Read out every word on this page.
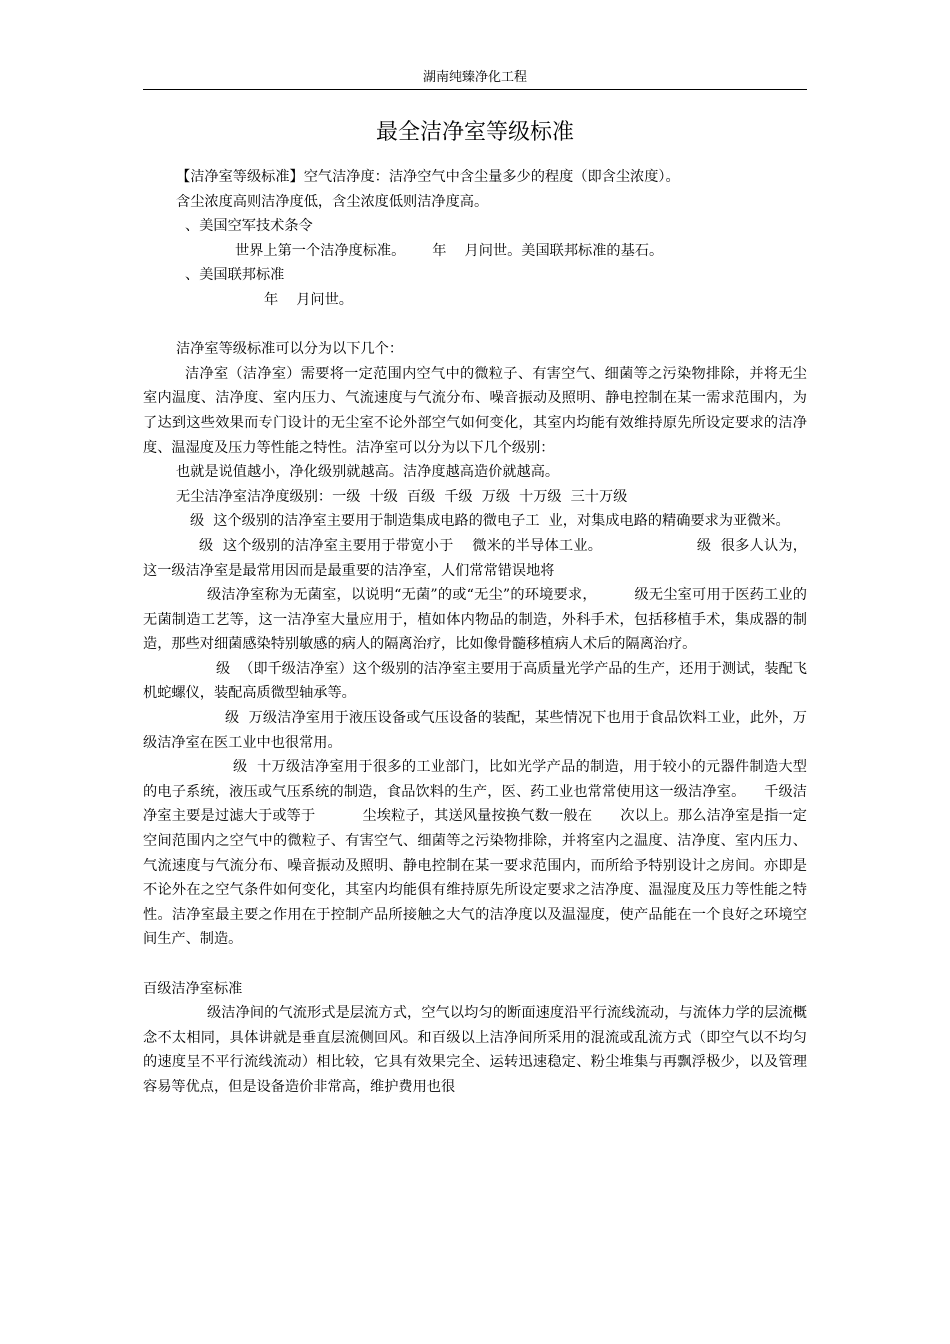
湖南纯臻净化工程
最全洁净室等级标准

【洁净室等级标准】空气洁净度：洁净空气中含尘量多少的程度（即含尘浓度）。

含尘浓度高则洁净度低，含尘浓度低则洁净度高。

、美国空军技术条令

世界上第一个洁净度标准。      年    月问世。美国联邦标准的基石。

、美国联邦标准

年    月问世。

洁净室等级标准可以分为以下几个：

洁净室（洁净室）需要将一定范围内空气中的微粒子、有害空气、细菌等之污染物排除，并将无尘室内温度、洁净度、室内压力、气流速度与气流分布、噪音振动及照明、静电控制在某一需求范围内，为了达到这些效果而专门设计的无尘室不论外部空气如何变化，其室内均能有效维持原先所设定要求的洁净度、温湿度及压力等性能之特性。洁净室可以分为以下几个级别：

也就是说值越小，净化级别就越高。洁净度越高造价就越高。

无尘洁净室洁净度级别：一级  十级  百级  千级  万级  十万级  三十万级

级  这个级别的洁净室主要用于制造集成电路的微电子工  业，对集成电路的精确要求为亚微米。

级  这个级别的洁净室主要用于带宽小于    微米的半导体工业。                    级  很多人认为，这一级洁净室是最常用因而是最重要的洁净室，人们常常错误地将

级洁净室称为无菌室，以说明“无菌”的或“无尘”的环境要求，        级无尘室可用于医药工业的无菌制造工艺等，这一洁净室大量应用于，植如体内物品的制造，外科手术，包括移植手术，集成器的制造，那些对细菌感染特别敏感的病人的隔离治疗，比如像骨髓移植病人术后的隔离治疗。

级  （即千级洁净室）这个级别的洁净室主要用于高质量光学产品的生产，还用于测试，装配飞机蛇螺仪，装配高质微型轴承等。

级  万级洁净室用于液压设备或气压设备的装配，某些情况下也用于食品饮料工业，此外，万级洁净室在医工业中也很常用。

级  十万级洁净室用于很多的工业部门，比如光学产品的制造，用于较小的元器件制造大型的电子系统，液压或气压系统的制造，食品饮料的生产，医、药工业也常常使用这一级洁净室。    千级洁净室主要是过滤大于或等于          尘埃粒子，其送风量按换气数一般在      次以上。那么洁净室是指一定空间范围内之空气中的微粒子、有害空气、细菌等之污染物排除，并将室内之温度、洁净度、室内压力、气流速度与气流分布、噪音振动及照明、静电控制在某一要求范围内，而所给予特别设计之房间。亦即是不论外在之空气条件如何变化，其室内均能俱有维持原先所设定要求之洁净度、温湿度及压力等性能之特性。洁净室最主要之作用在于控制产品所接触之大气的洁净度以及温湿度，使产品能在一个良好之环境空间生产、制造。

百级洁净室标准

级洁净间的气流形式是层流方式，空气以均匀的断面速度沿平行流线流动，与流体力学的层流概念不太相同，具体讲就是垂直层流侧回风。和百级以上洁净间所采用的混流或乱流方式（即空气以不均匀的速度呈不平行流线流动）相比较，它具有效果完全、运转迅速稳定、粉尘堆集与再飘浮极少，以及管理容易等优点，但是设备造价非常高，维护费用也很
